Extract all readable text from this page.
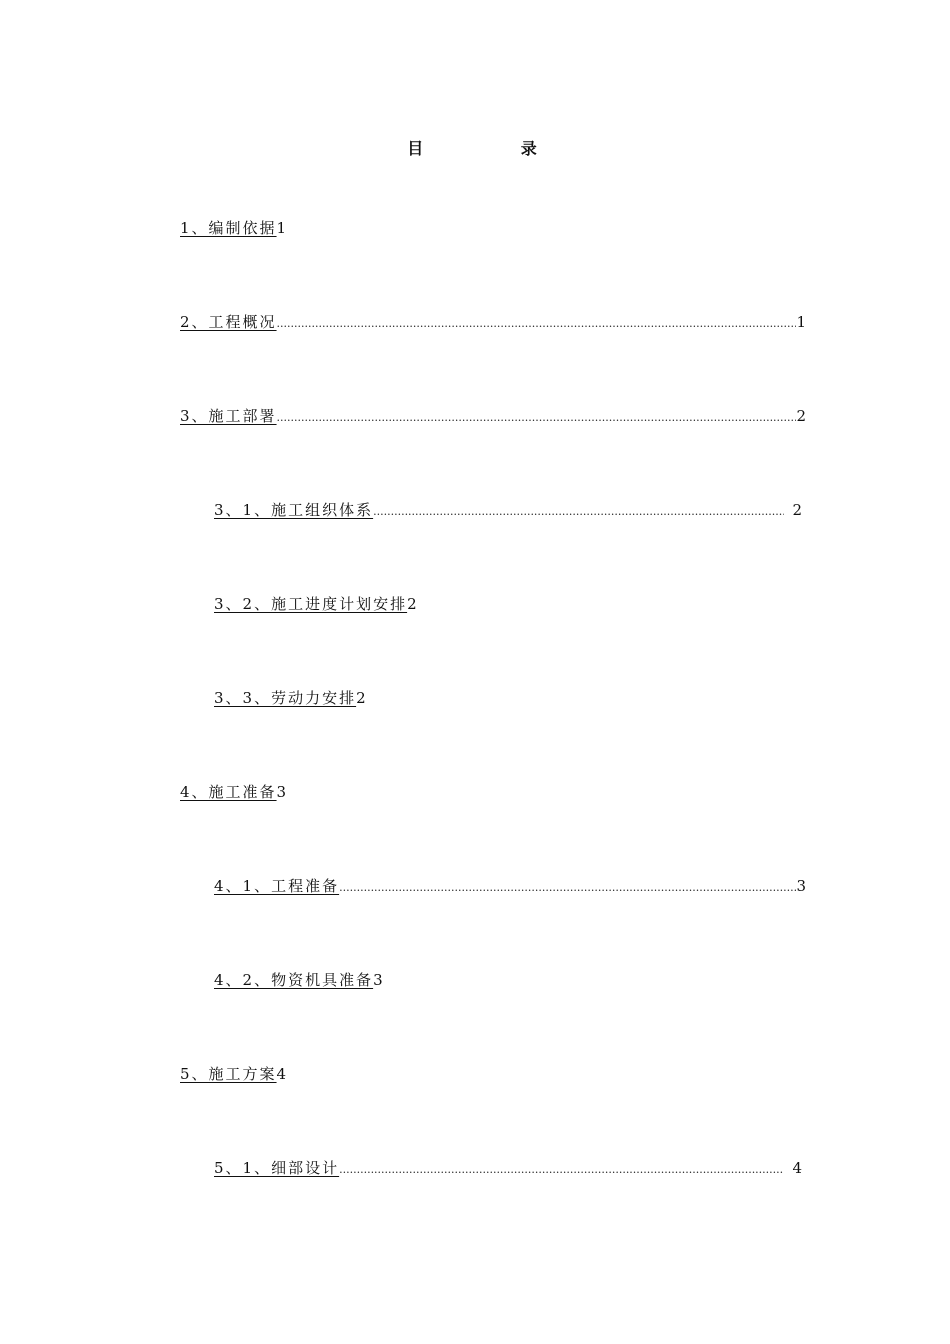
目 录
1、编制依据 1
2、工程概况 .....	1
3、施工部署 .....	2
3、1、施工组织体系 .....	2
3、2、施工进度计划安排 2
3、3、劳动力安排 2
4、施工准备 3
4、1、工程准备 .....	3
4、2、物资机具准备 3
5、施工方案 4
5、1、细部设计 .....	4
